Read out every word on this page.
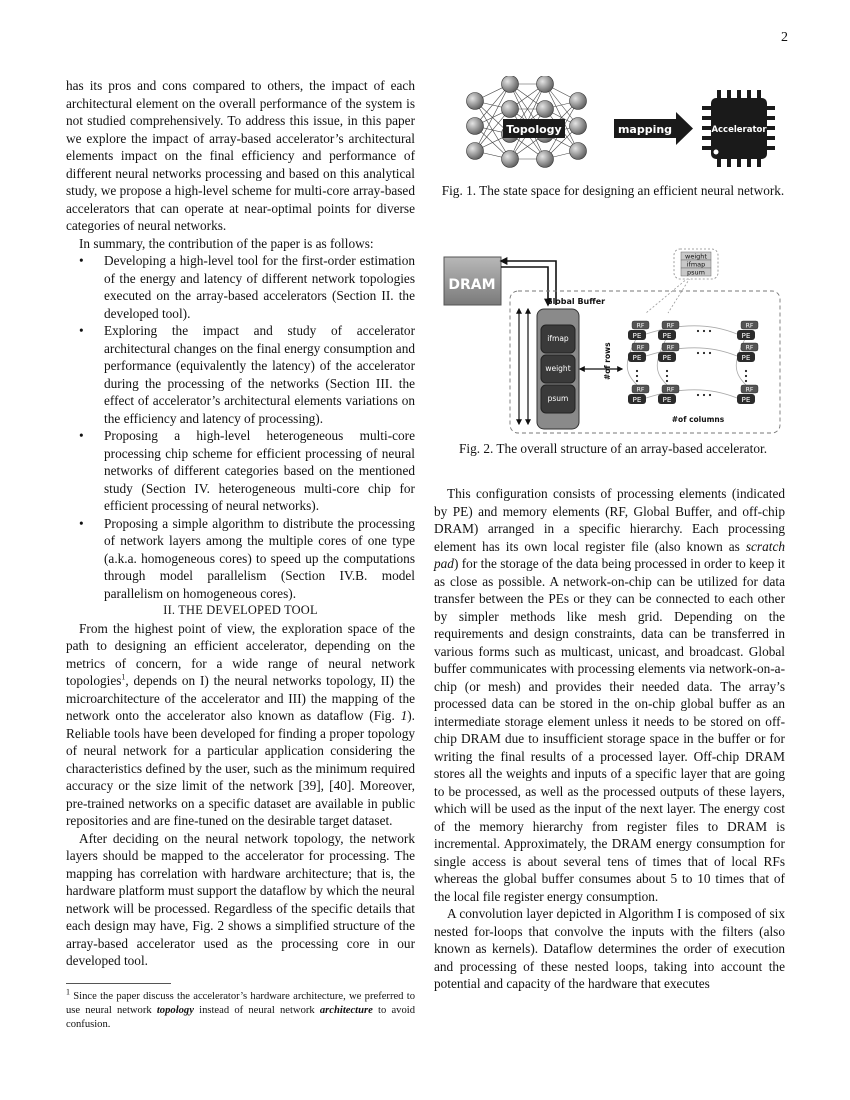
2

has its pros and cons compared to others, the impact of each architectural element on the overall performance of the system is not studied comprehensively. To address this issue, in this paper we explore the impact of array-based accelerator’s architectural elements impact on the final efficiency and performance of different neural networks processing and based on this analytical study, we propose a high-level scheme for multi-core array-based accelerators that can operate at near-optimal points for diverse categories of neural networks.

In summary, the contribution of the paper is as follows:

• Developing a high-level tool for the first-order estimation of the energy and latency of different network topologies executed on the array-based accelerators (Section II. the developed tool).
• Exploring the impact and study of accelerator architectural changes on the final energy consumption and performance (equivalently the latency) of the accelerator during the processing of the networks (Section III. the effect of accelerator’s architectural elements variations on the efficiency and latency of processing).
• Proposing a high-level heterogeneous multi-core processing chip scheme for efficient processing of neural networks of different categories based on the mentioned study (Section IV. heterogeneous multi-core chip for efficient processing of neural networks).
• Proposing a simple algorithm to distribute the processing of network layers among the multiple cores of one type (a.k.a. homogeneous cores) to speed up the computations through model parallelism (Section IV.B. model parallelism on homogeneous cores).

II. THE DEVELOPED TOOL

From the highest point of view, the exploration space of the path to designing an efficient accelerator, depending on the metrics of concern, for a wide range of neural network topologies$^1$, depends on I) the neural networks topology, II) the microarchitecture of the accelerator and III) the mapping of the network onto the accelerator also known as dataflow (Fig. 1). Reliable tools have been developed for finding a proper topology of neural network for a particular application considering the characteristics defined by the user, such as the minimum required accuracy or the size limit of the network [39], [40]. Moreover, pre-trained networks on a specific dataset are available in public repositories and are fine-tuned on the desirable target dataset.

After deciding on the neural network topology, the network layers should be mapped to the accelerator for processing. The mapping has correlation with hardware architecture; that is, the hardware platform must support the dataflow by which the neural network will be processed. Regardless of the specific details that each design may have, Fig. 2 shows a simplified structure of the array-based accelerator used as the processing core in our developed tool.

$^1$ Since the paper discuss the accelerator’s hardware architecture, we preferred to use neural network topology instead of neural network architecture to avoid confusion.
Topology	mapping	Accelerator
Fig. 1. The state space for designing an efficient neural network.
DRAM
Global Buffer
ifmap
weight
psum
#of rows
weight
ifmap
psum
RF
PE
RF
PE
RF
PE
RF
PE
RF
PE
RF
PE
RF
PE
RF
PE
RF
PE
#of columns
Fig. 2. The overall structure of an array-based accelerator.

This configuration consists of processing elements (indicated by PE) and memory elements (RF, Global Buffer, and off-chip DRAM) arranged in a specific hierarchy. Each processing element has its own local register file (also known as scratch pad) for the storage of the data being processed in order to keep it as close as possible. A network-on-chip can be utilized for data transfer between the PEs or they can be connected to each other by simpler methods like mesh grid. Depending on the requirements and design constraints, data can be transferred in various forms such as multicast, unicast, and broadcast. Global buffer communicates with processing elements via network-on-a-chip (or mesh) and provides their needed data. The array’s processed data can be stored in the on-chip global buffer as an intermediate storage element unless it needs to be stored on off-chip DRAM due to insufficient storage space in the buffer or for writing the final results of a processed layer. Off-chip DRAM stores all the weights and inputs of a specific layer that are going to be processed, as well as the processed outputs of these layers, which will be used as the input of the next layer. The energy cost of the memory hierarchy from register files to DRAM is incremental. Approximately, the DRAM energy consumption for single access is about several tens of times that of local RFs whereas the global buffer consumes about 5 to 10 times that of the local file register energy consumption.

A convolution layer depicted in Algorithm I is composed of six nested for-loops that convolve the inputs with the filters (also known as kernels). Dataflow determines the order of execution and processing of these nested loops, taking into account the potential and capacity of the hardware that executes
